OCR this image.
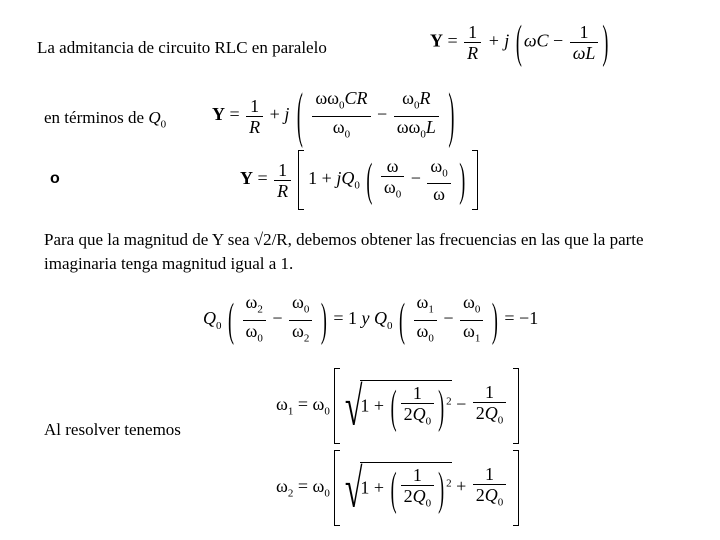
La admitancia de circuito RLC en paralelo
en términos de $Q_0$
o
Para que la magnitud de Y sea √2/R, debemos obtener las frecuencias en las que la parte imaginaria tenga magnitud igual a 1.
Al resolver tenemos
$Y = \frac{1}{R} + j$ ( $\omega C - \frac{1}{\omega L}$ )
$Y = \frac{1}{R} + j$ ( $\frac{\omega\omega_0CR}{\omega_0} - \frac{\omega_0R}{\omega\omega_0L}$ )
$Y = \frac{1}{R} 1 + jQ_0$ ( $\frac{\omega}{\omega_0} - \frac{\omega_0}{\omega}$ )
$Q_0$ ( $\frac{\omega_2}{\omega_0} - \frac{\omega_0}{\omega_2}$ ) = 1 y $Q_0$ ( $\frac{\omega_1}{\omega_0} - \frac{\omega_0}{\omega_1}$ ) = −1
$\omega_1 = \omega_0$ √1 + ( $\frac{1}{2Q_0}$ ) $^2 - \frac{1}{2Q_0}$

$\omega_2 = \omega_0$ √1 + ( $\frac{1}{2Q_0}$ ) $^2 + \frac{1}{2Q_0}$
